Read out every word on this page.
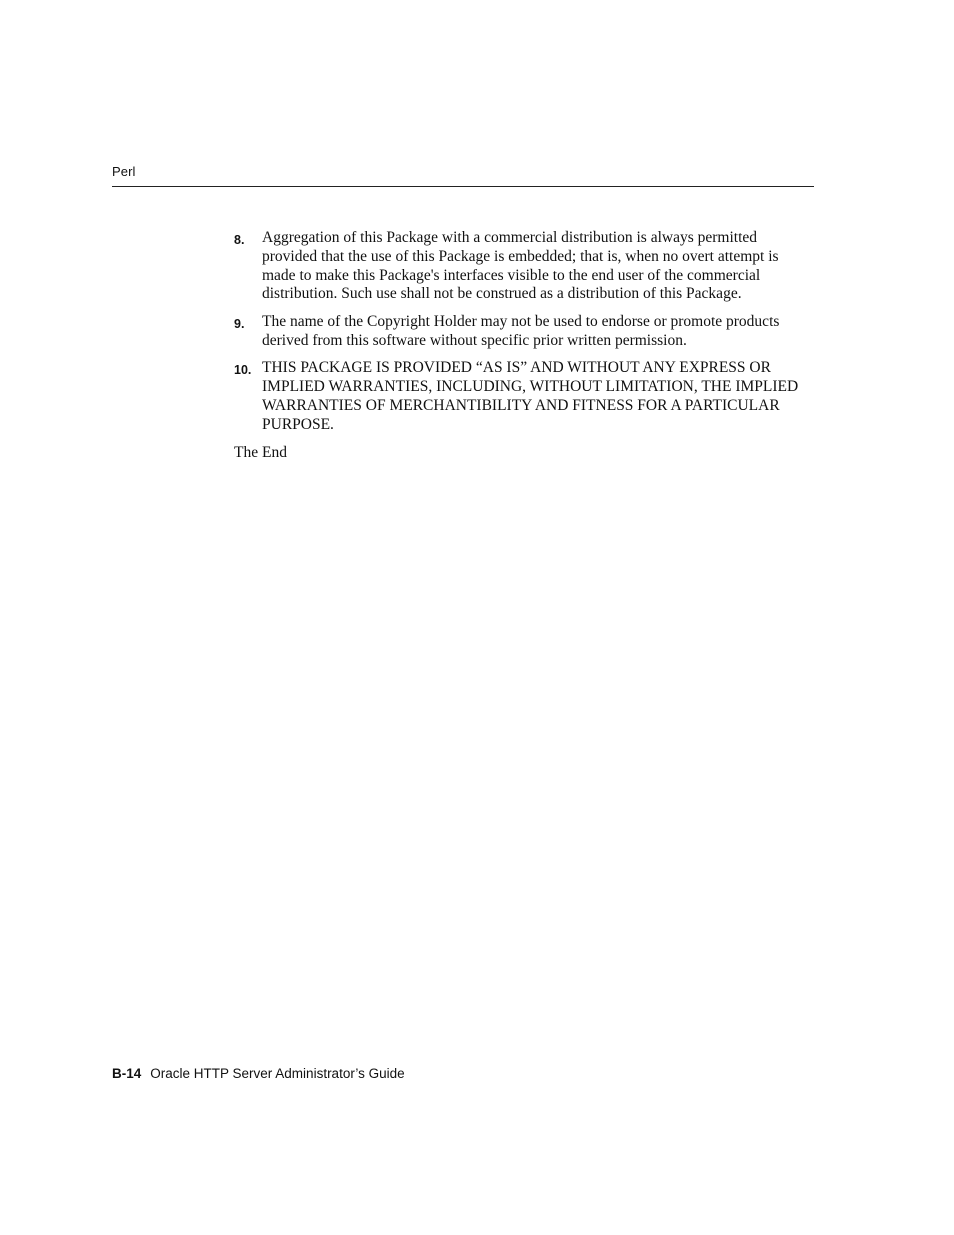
Perl
8. Aggregation of this Package with a commercial distribution is always permitted provided that the use of this Package is embedded; that is, when no overt attempt is made to make this Package's interfaces visible to the end user of the commercial distribution. Such use shall not be construed as a distribution of this Package.
9. The name of the Copyright Holder may not be used to endorse or promote products derived from this software without specific prior written permission.
10. THIS PACKAGE IS PROVIDED “AS IS” AND WITHOUT ANY EXPRESS OR IMPLIED WARRANTIES, INCLUDING, WITHOUT LIMITATION, THE IMPLIED WARRANTIES OF MERCHANTIBILITY AND FITNESS FOR A PARTICULAR PURPOSE.
The End
B-14 Oracle HTTP Server Administrator’s Guide
